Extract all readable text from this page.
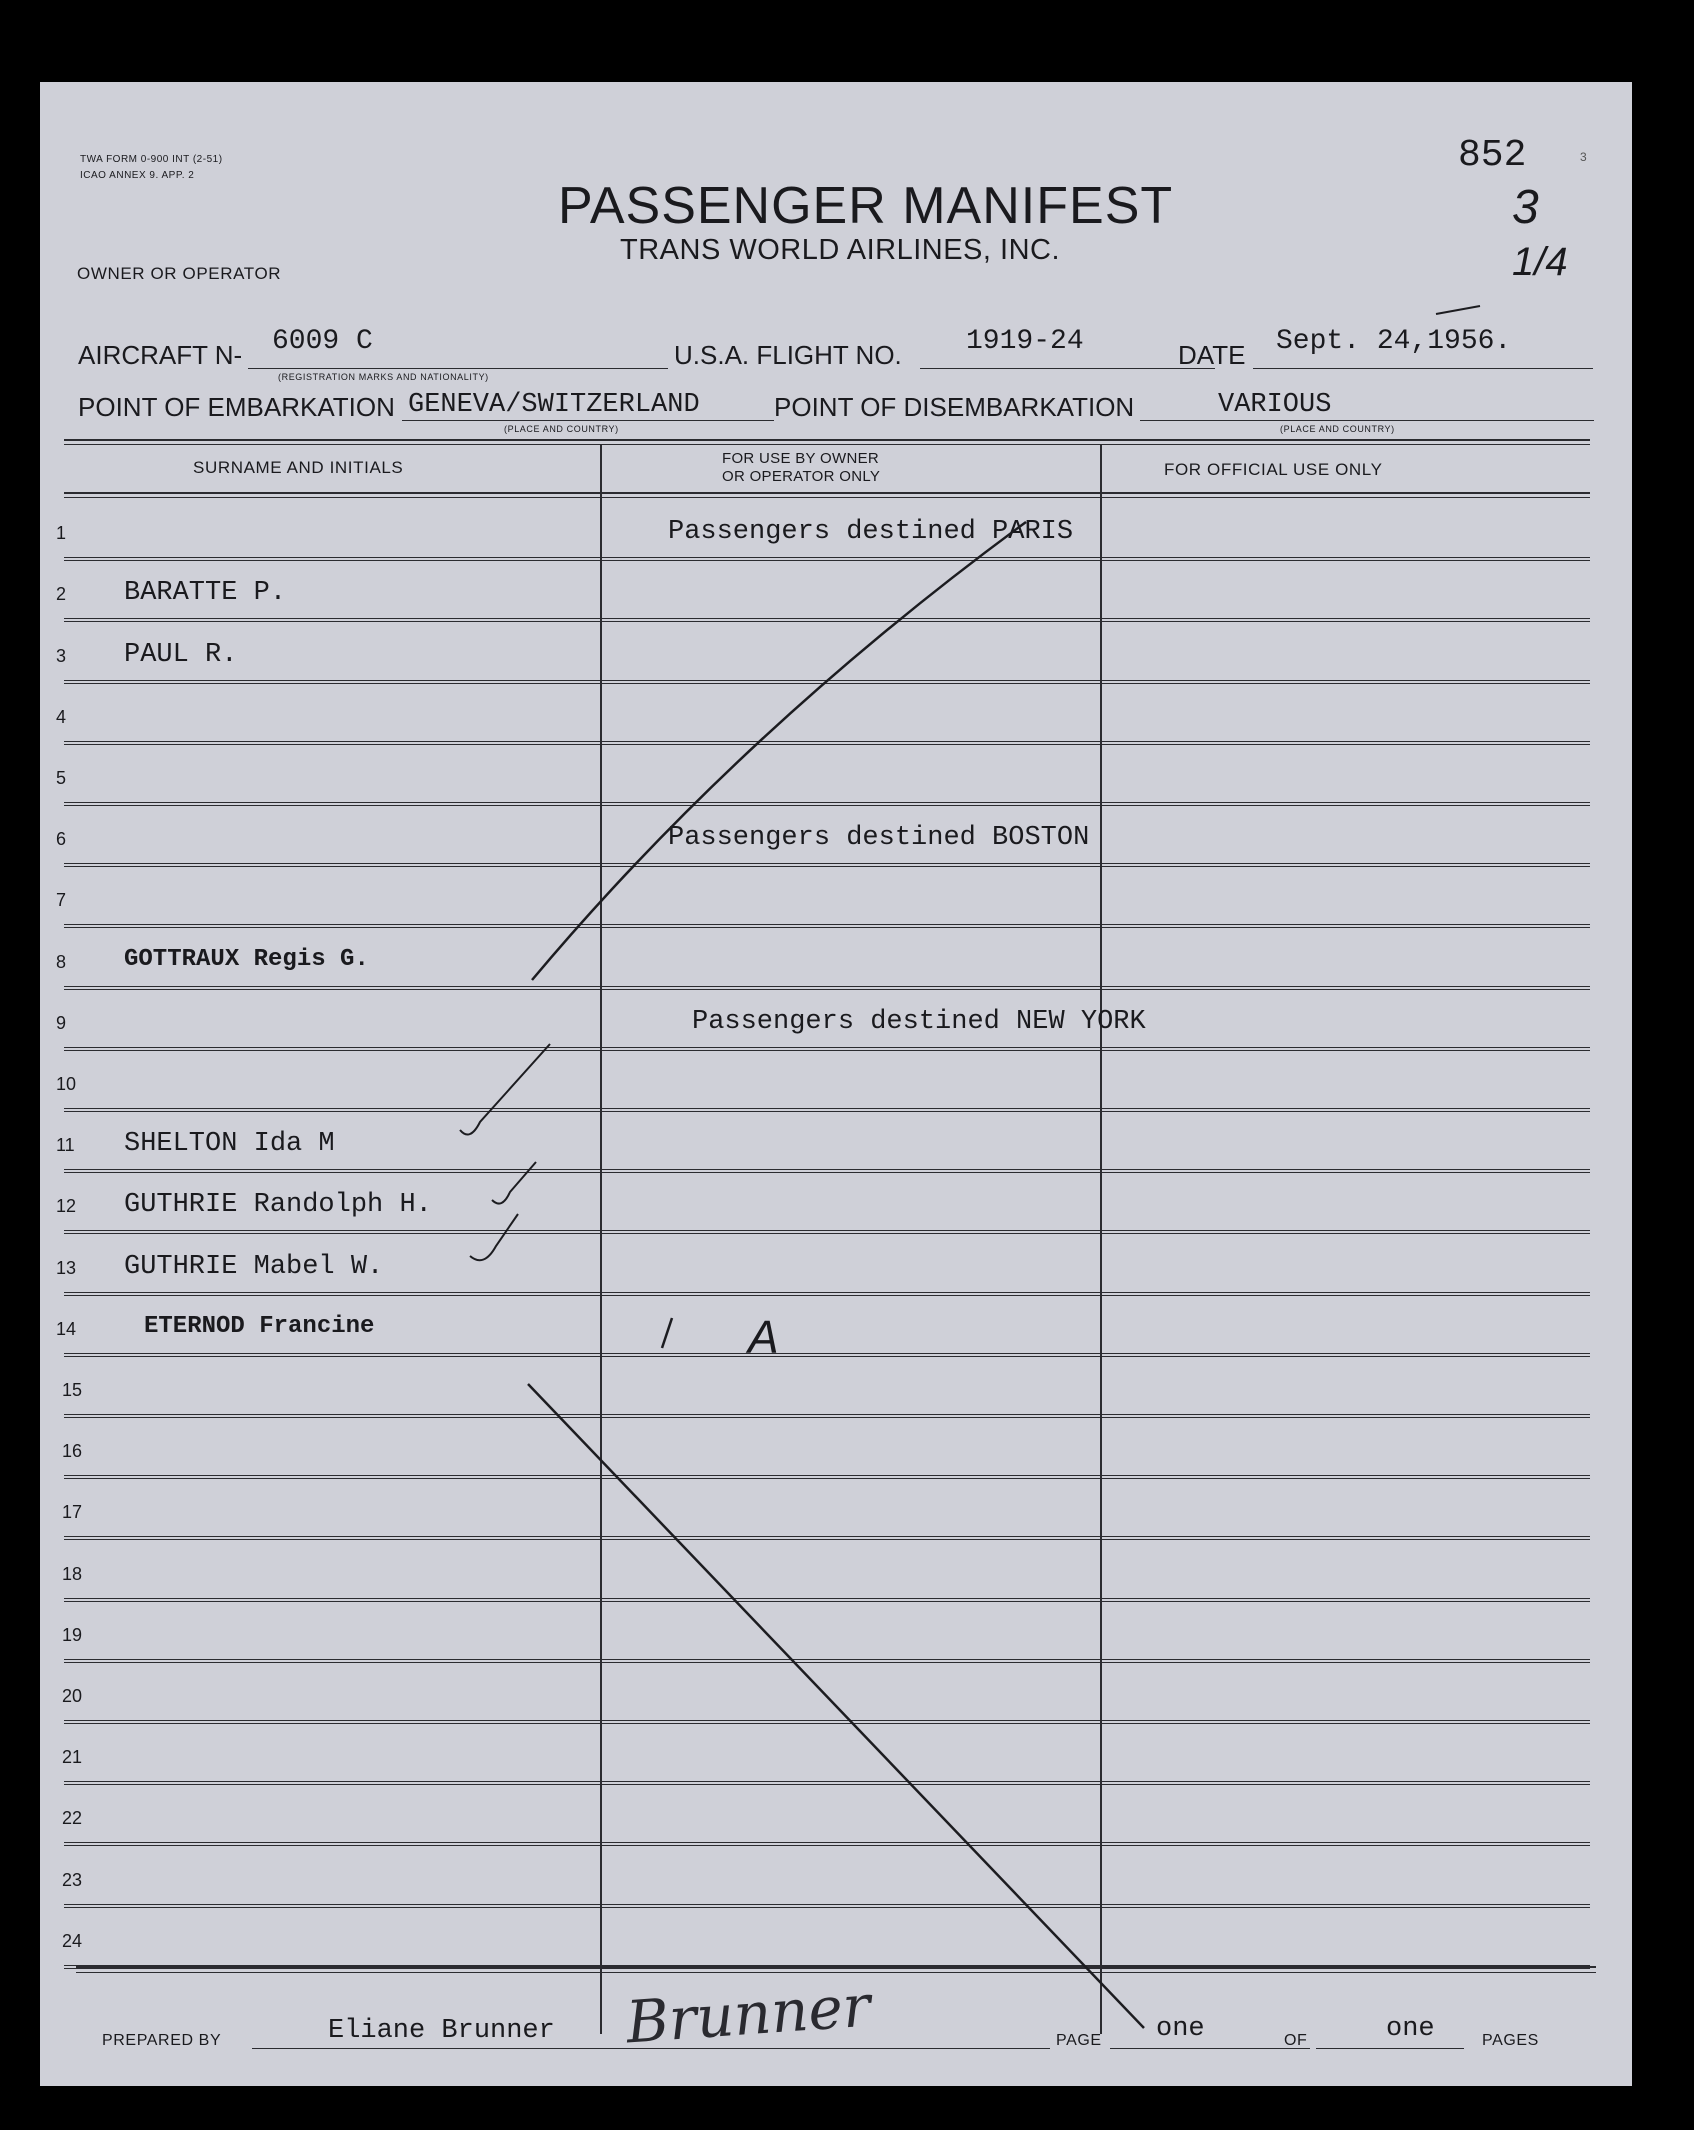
TWA FORM 0-900 INT (2-51)
ICAO ANNEX 9. APP. 2	852	3
3
1/4
PASSENGER MANIFEST
TRANS WORLD AIRLINES, INC.
OWNER OR OPERATOR
AIRCRAFT N- 6009 C
(REGISTRATION MARKS AND NATIONALITY)
U.S.A. FLIGHT NO. 1919-24	DATE Sept. 24,1956.
POINT OF EMBARKATION GENEVA/SWITZERLAND
(PLACE AND COUNTRY)
POINT OF DISEMBARKATION	VARIOUS
(PLACE AND COUNTRY)
SURNAME AND INITIALS	FOR USE BY OWNER
OR OPERATOR ONLY	FOR OFFICIAL USE ONLY
1	Passengers destined PARIS
2 BARATTE P.
3 PAUL R.
4
5
6	Passengers destined BOSTON
7
8 GOTTRAUX Regis G.
9	Passengers destined NEW YORK
10
11 SHELTON Ida M
12 GUTHRIE Randolph H.
13 GUTHRIE Mabel W.
14	ETERNOD Francine
15
16
17
18
19
20
21
22
23
24
A
PREPARED BY	Eliane Brunner Brunner	PAGE one	OF	one	PAGES
